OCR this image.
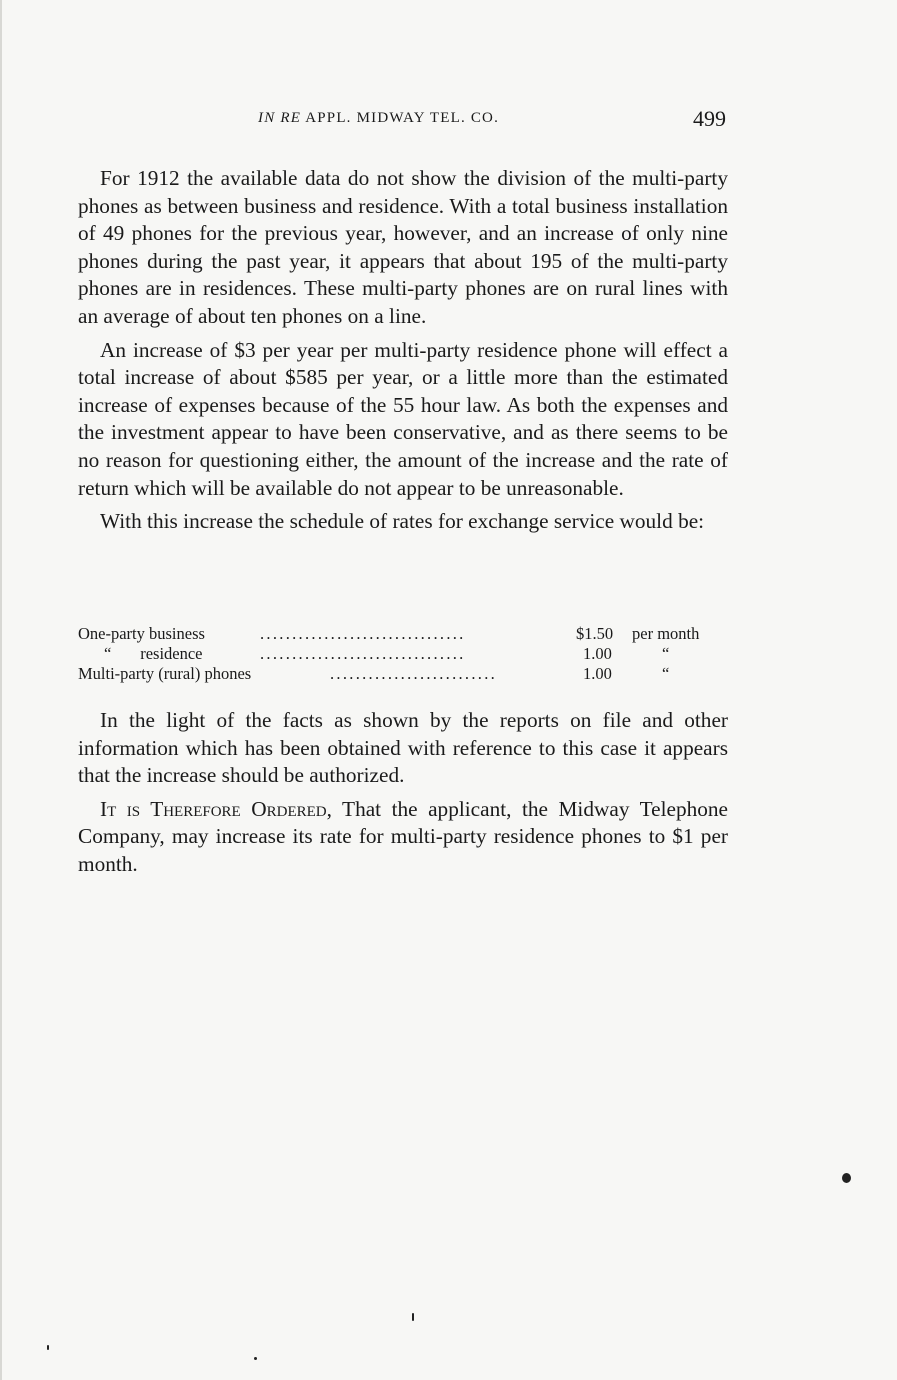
IN RE APPL. MIDWAY TEL. CO.	499

For 1912 the available data do not show the division of the multi-party phones as between business and residence. With a total business installation of 49 phones for the previous year, however, and an increase of only nine phones during the past year, it appears that about 195 of the multi-party phones are in residences. These multi-party phones are on rural lines with an average of about ten phones on a line.

An increase of $3 per year per multi-party residence phone will effect a total increase of about $585 per year, or a little more than the estimated increase of expenses because of the 55 hour law. As both the expenses and the investment appear to have been conservative, and as there seems to be no reason for questioning either, the amount of the increase and the rate of return which will be available do not appear to be unreasonable.

With this increase the schedule of rates for exchange service would be:

One-party business	................................	$1.50 per month
“       residence	................................	1.00	“
Multi-party (rural) phones	..........................	1.00	“

In the light of the facts as shown by the reports on file and other information which has been obtained with reference to this case it appears that the increase should be authorized.

It is Therefore Ordered, That the applicant, the Midway Telephone Company, may increase its rate for multi-party residence phones to $1 per month.
